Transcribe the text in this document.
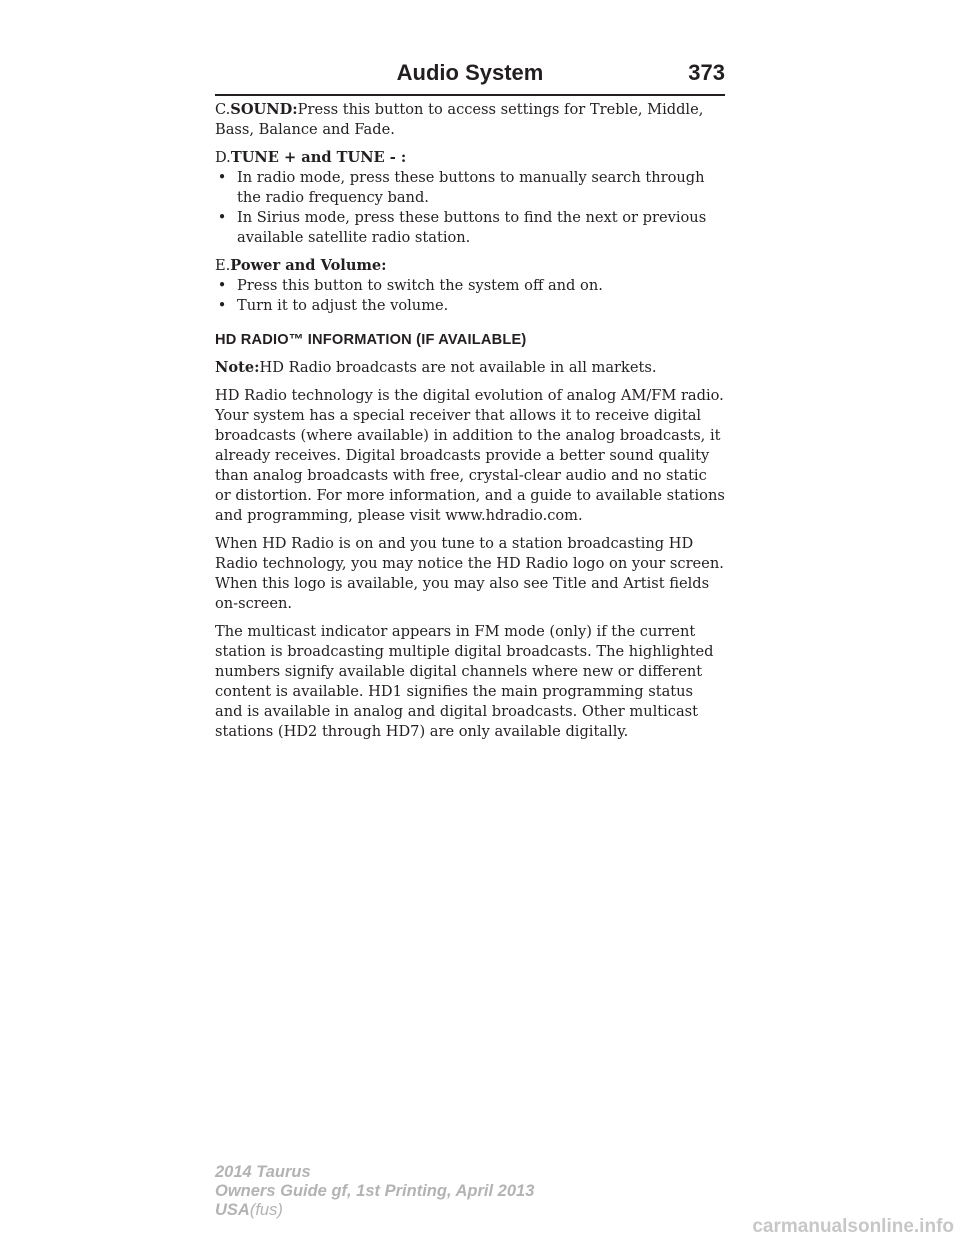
Audio System	373

C.SOUND:Press this button to access settings for Treble, Middle, Bass, Balance and Fade.

D.TUNE + and TUNE - :

• In radio mode, press these buttons to manually search through the radio frequency band.
• In Sirius mode, press these buttons to find the next or previous available satellite radio station.

E.Power and Volume:

• Press this button to switch the system off and on.
• Turn it to adjust the volume.
HD RADIO™ INFORMATION (IF AVAILABLE)

Note:HD Radio broadcasts are not available in all markets.

HD Radio technology is the digital evolution of analog AM/FM radio. Your system has a special receiver that allows it to receive digital broadcasts (where available) in addition to the analog broadcasts, it already receives. Digital broadcasts provide a better sound quality than analog broadcasts with free, crystal-clear audio and no static or distortion. For more information, and a guide to available stations and programming, please visit www.hdradio.com.

When HD Radio is on and you tune to a station broadcasting HD Radio technology, you may notice the HD Radio logo on your screen. When this logo is available, you may also see Title and Artist fields on-screen.

The multicast indicator appears in FM mode (only) if the current station is broadcasting multiple digital broadcasts. The highlighted numbers signify available digital channels where new or different content is available. HD1 signifies the main programming status and is available in analog and digital broadcasts. Other multicast stations (HD2 through HD7) are only available digitally.

2014 Taurus
Owners Guide gf, 1st Printing, April 2013
USA(fus)
carmanualsonline.info
